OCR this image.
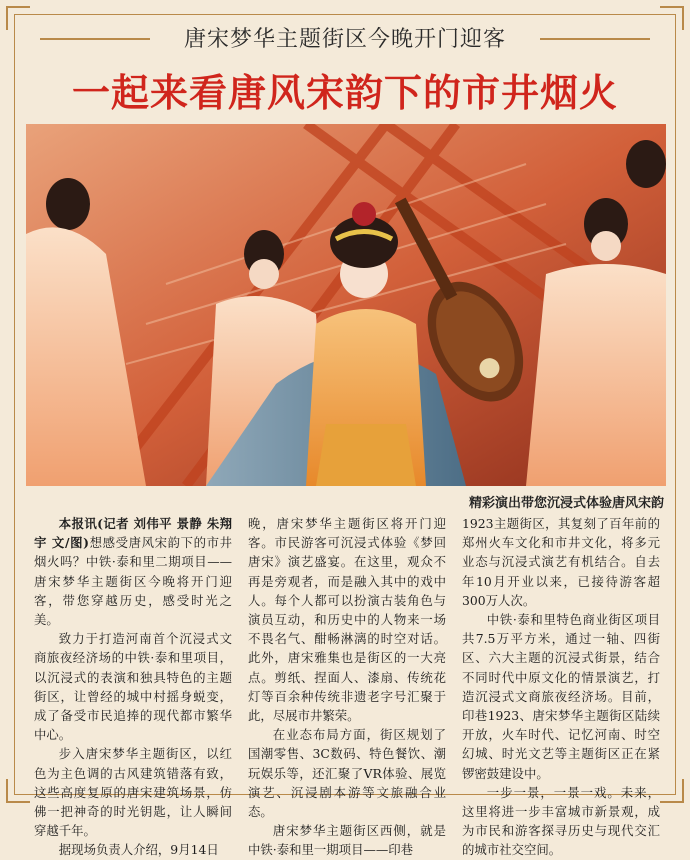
唐宋梦华主题街区今晚开门迎客
一起来看唐风宋韵下的市井烟火
精彩演出带您沉浸式体验唐风宋韵

本报讯(记者 刘伟平 景静 朱翔宇 文/图)想感受唐风宋韵下的市井烟火吗？中铁·泰和里二期项目——唐宋梦华主题街区今晚将开门迎客，带您穿越历史，感受时光之美。

致力于打造河南首个沉浸式文商旅夜经济场的中铁·泰和里项目，以沉浸式的表演和独具特色的主题街区，让曾经的城中村摇身蜕变，成了备受市民追捧的现代都市繁华中心。

步入唐宋梦华主题街区，以红色为主色调的古风建筑错落有致，这些高度复原的唐宋建筑场景，仿佛一把神奇的时光钥匙，让人瞬间穿越千年。

据现场负责人介绍，9月14日

晚，唐宋梦华主题街区将开门迎客。市民游客可沉浸式体验《梦回唐宋》演艺盛宴。在这里，观众不再是旁观者，而是融入其中的戏中人。每个人都可以扮演古装角色与演员互动，和历史中的人物来一场不畏名气、酣畅淋漓的时空对话。此外，唐宋雅集也是街区的一大亮点。剪纸、捏面人、漆扇、传统花灯等百余种传统非遗老字号汇聚于此，尽展市井繁荣。

在业态布局方面，街区规划了国潮零售、3C数码、特色餐饮、潮玩娱乐等，还汇聚了VR体验、展览演艺、沉浸剧本游等文旅融合业态。

唐宋梦华主题街区西侧，就是中铁·泰和里一期项目——印巷

1923主题街区，其复刻了百年前的郑州火车文化和市井文化，将多元业态与沉浸式演艺有机结合。自去年10月开业以来，已接待游客超300万人次。

中铁·泰和里特色商业街区项目共7.5万平方米，通过一轴、四街区、六大主题的沉浸式街景，结合不同时代中原文化的情景演艺，打造沉浸式文商旅夜经济场。目前，印巷1923、唐宋梦华主题街区陆续开放，火车时代、记忆河南、时空幻城、时光文艺等主题街区正在紧锣密鼓建设中。

一步一景，一景一戏。未来，这里将进一步丰富城市新景观，成为市民和游客探寻历史与现代交汇的城市社交空间。
